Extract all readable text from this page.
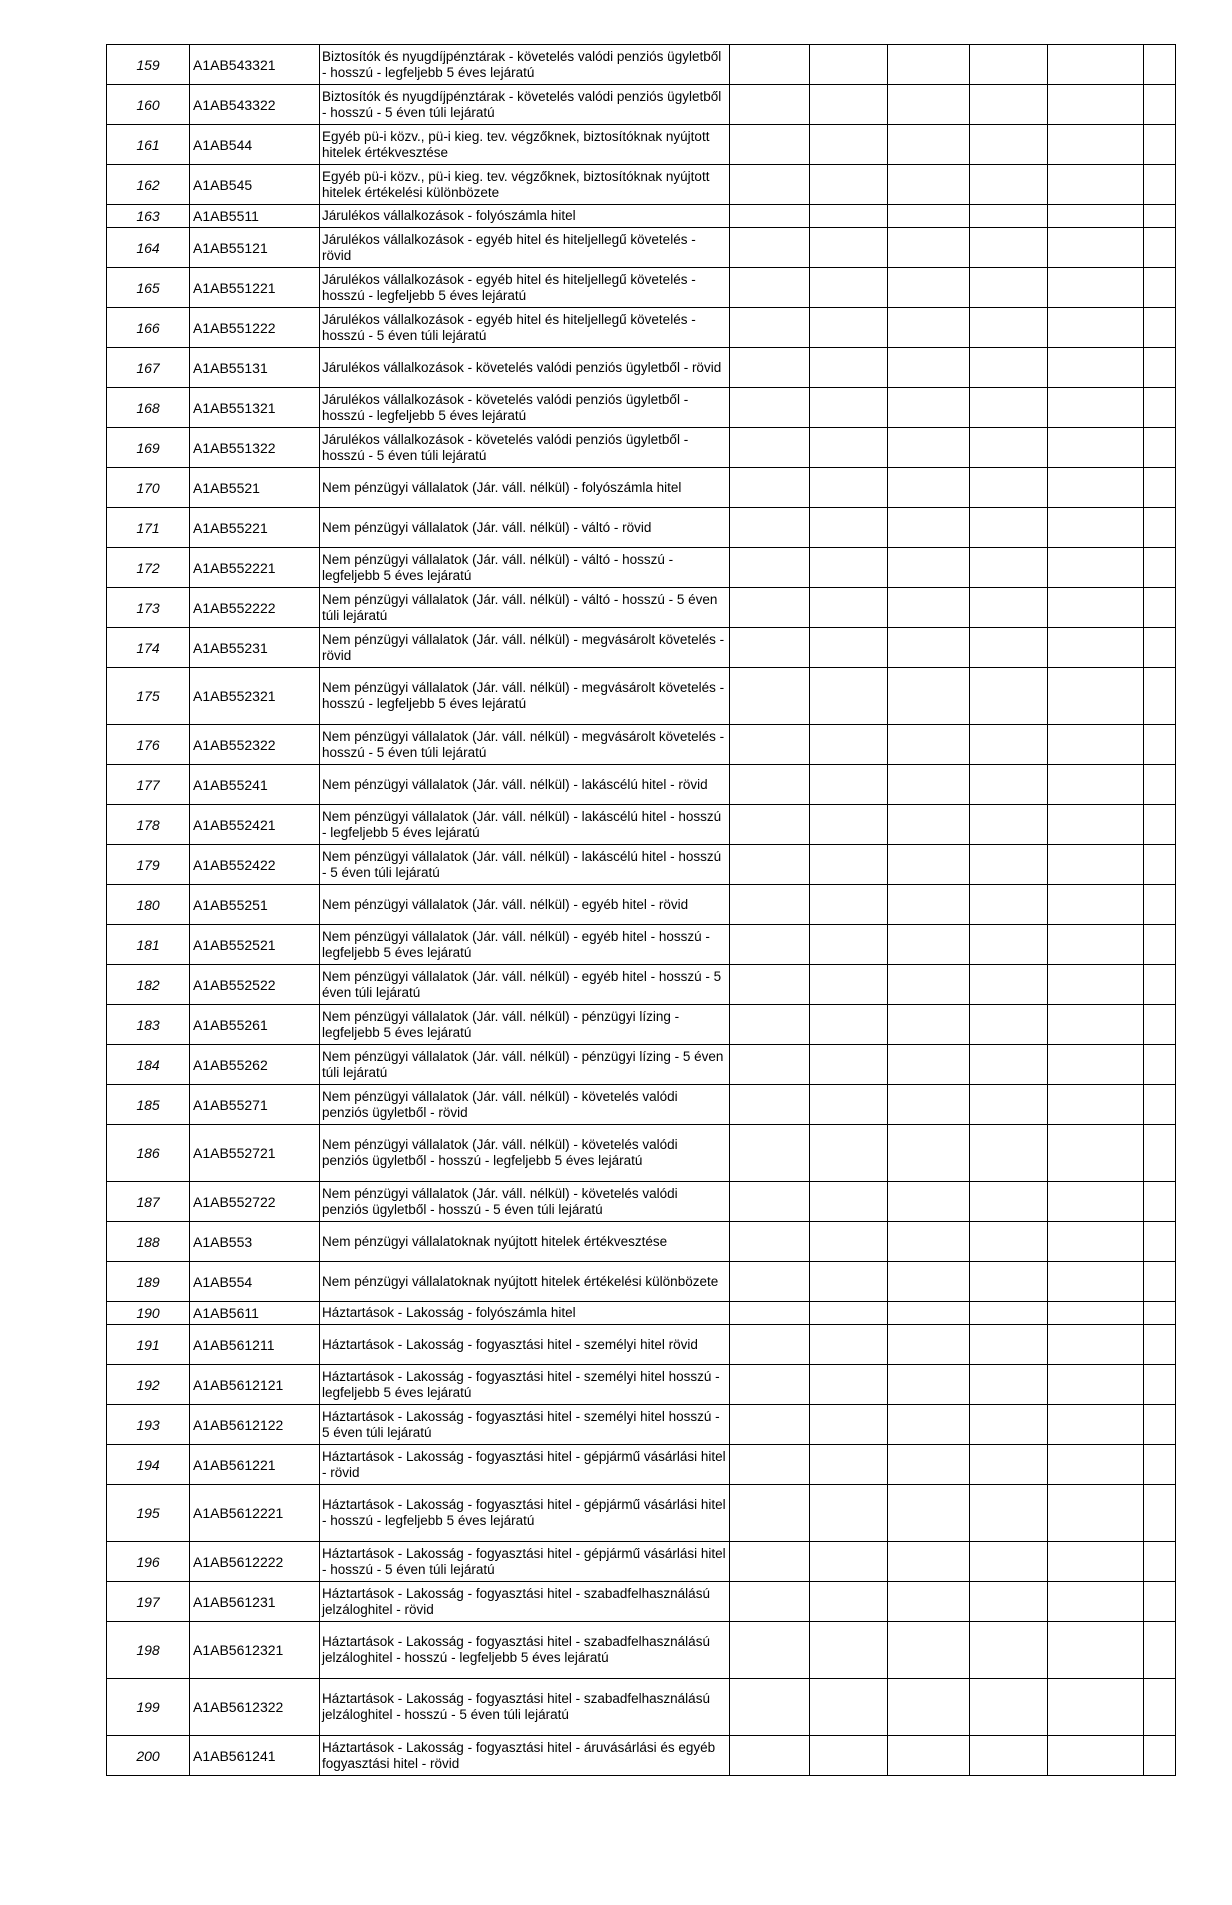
159	A1AB543321	Biztosítók és nyugdíjpénztárak - követelés valódi penziós ügyletből - hosszú - legfeljebb 5 éves lejáratú						
160	A1AB543322	Biztosítók és nyugdíjpénztárak - követelés valódi penziós ügyletből - hosszú - 5 éven túli lejáratú						
161	A1AB544	Egyéb pü-i közv., pü-i kieg. tev. végzőknek, biztosítóknak nyújtott hitelek értékvesztése						
162	A1AB545	Egyéb pü-i közv., pü-i kieg. tev. végzőknek, biztosítóknak nyújtott hitelek értékelési különbözete						
163	A1AB5511	Járulékos vállalkozások - folyószámla hitel						
164	A1AB55121	Járulékos vállalkozások - egyéb hitel és hiteljellegű követelés - rövid						
165	A1AB551221	Járulékos vállalkozások - egyéb hitel és hiteljellegű követelés - hosszú - legfeljebb 5 éves lejáratú						
166	A1AB551222	Járulékos vállalkozások - egyéb hitel és hiteljellegű követelés - hosszú - 5 éven túli lejáratú						
167	A1AB55131	Járulékos vállalkozások - követelés valódi penziós ügyletből - rövid						
168	A1AB551321	Járulékos vállalkozások - követelés valódi penziós ügyletből - hosszú - legfeljebb 5 éves lejáratú						
169	A1AB551322	Járulékos vállalkozások - követelés valódi penziós ügyletből - hosszú - 5 éven túli lejáratú						
170	A1AB5521	Nem pénzügyi vállalatok (Jár. váll. nélkül) - folyószámla hitel						
171	A1AB55221	Nem pénzügyi vállalatok (Jár. váll. nélkül) - váltó - rövid						
172	A1AB552221	Nem pénzügyi vállalatok (Jár. váll. nélkül) - váltó - hosszú - legfeljebb 5 éves lejáratú						
173	A1AB552222	Nem pénzügyi vállalatok (Jár. váll. nélkül) - váltó - hosszú - 5 éven túli lejáratú						
174	A1AB55231	Nem pénzügyi vállalatok (Jár. váll. nélkül) - megvásárolt követelés - rövid						
175	A1AB552321	Nem pénzügyi vállalatok (Jár. váll. nélkül) - megvásárolt követelés - hosszú - legfeljebb 5 éves lejáratú						
176	A1AB552322	Nem pénzügyi vállalatok (Jár. váll. nélkül) - megvásárolt követelés - hosszú - 5 éven túli lejáratú						
177	A1AB55241	Nem pénzügyi vállalatok (Jár. váll. nélkül) - lakáscélú hitel - rövid						
178	A1AB552421	Nem pénzügyi vállalatok (Jár. váll. nélkül) - lakáscélú hitel - hosszú - legfeljebb 5 éves lejáratú						
179	A1AB552422	Nem pénzügyi vállalatok (Jár. váll. nélkül) - lakáscélú hitel - hosszú - 5 éven túli lejáratú						
180	A1AB55251	Nem pénzügyi vállalatok (Jár. váll. nélkül) - egyéb hitel - rövid						
181	A1AB552521	Nem pénzügyi vállalatok (Jár. váll. nélkül) - egyéb hitel - hosszú - legfeljebb 5 éves lejáratú						
182	A1AB552522	Nem pénzügyi vállalatok (Jár. váll. nélkül) - egyéb hitel - hosszú - 5 éven túli lejáratú						
183	A1AB55261	Nem pénzügyi vállalatok (Jár. váll. nélkül) - pénzügyi lízing - legfeljebb 5 éves lejáratú						
184	A1AB55262	Nem pénzügyi vállalatok (Jár. váll. nélkül) - pénzügyi lízing - 5 éven túli lejáratú						
185	A1AB55271	Nem pénzügyi vállalatok (Jár. váll. nélkül) - követelés valódi penziós ügyletből - rövid						
186	A1AB552721	Nem pénzügyi vállalatok (Jár. váll. nélkül) - követelés valódi penziós ügyletből - hosszú - legfeljebb 5 éves lejáratú						
187	A1AB552722	Nem pénzügyi vállalatok (Jár. váll. nélkül) - követelés valódi penziós ügyletből - hosszú - 5 éven túli lejáratú						
188	A1AB553	Nem pénzügyi vállalatoknak nyújtott hitelek értékvesztése						
189	A1AB554	Nem pénzügyi vállalatoknak nyújtott hitelek értékelési különbözete						
190	A1AB5611	Háztartások - Lakosság - folyószámla hitel						
191	A1AB561211	Háztartások - Lakosság - fogyasztási hitel - személyi hitel rövid						
192	A1AB5612121	Háztartások - Lakosság - fogyasztási hitel - személyi hitel hosszú - legfeljebb 5 éves lejáratú						
193	A1AB5612122	Háztartások - Lakosság - fogyasztási hitel - személyi hitel hosszú - 5 éven túli lejáratú						
194	A1AB561221	Háztartások - Lakosság - fogyasztási hitel - gépjármű vásárlási hitel - rövid						
195	A1AB5612221	Háztartások - Lakosság - fogyasztási hitel - gépjármű vásárlási hitel - hosszú - legfeljebb 5 éves lejáratú						
196	A1AB5612222	Háztartások - Lakosság - fogyasztási hitel - gépjármű vásárlási hitel - hosszú - 5 éven túli lejáratú						
197	A1AB561231	Háztartások - Lakosság - fogyasztási hitel - szabadfelhasználású jelzáloghitel - rövid						
198	A1AB5612321	Háztartások - Lakosság - fogyasztási hitel - szabadfelhasználású jelzáloghitel - hosszú - legfeljebb 5 éves lejáratú						
199	A1AB5612322	Háztartások - Lakosság - fogyasztási hitel - szabadfelhasználású jelzáloghitel - hosszú - 5 éven túli lejáratú						
200	A1AB561241	Háztartások - Lakosság - fogyasztási hitel - áruvásárlási és egyéb fogyasztási hitel - rövid						
